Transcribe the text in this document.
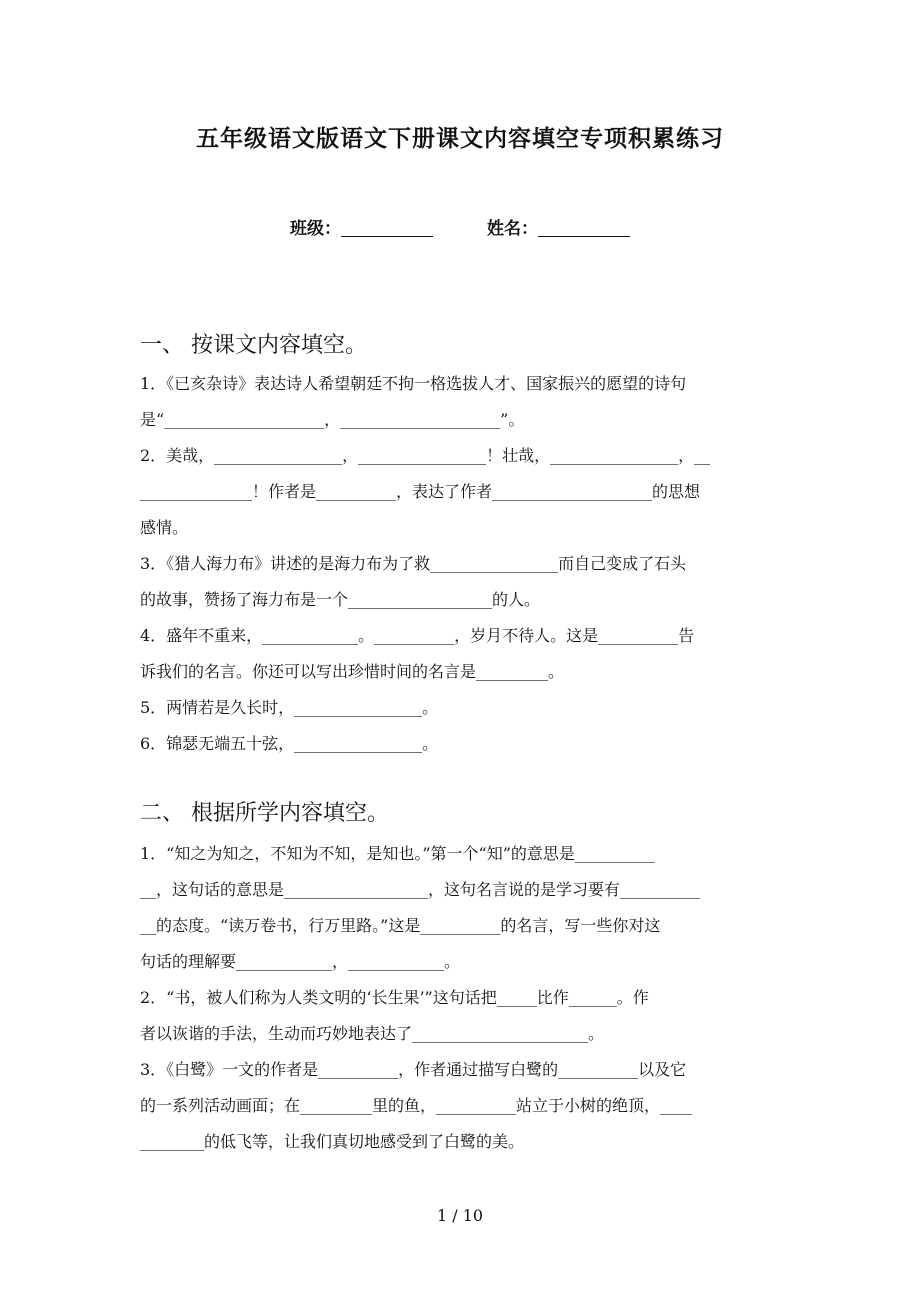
五年级语文版语文下册课文内容填空专项积累练习
班级：	姓名：
一、 按课文内容填空。
1．《已亥杂诗》表达诗人希望朝廷不拘一格选拔人才、国家振兴的愿望的诗句
是“____________________，____________________”。
2．美哉，________________，________________！壮哉，________________，__
______________！作者是__________，表达了作者____________________的思想
感情。
3．《猎人海力布》讲述的是海力布为了救________________而自己变成了石头
的故事，赞扬了海力布是一个__________________的人。
4．盛年不重来，____________。__________，岁月不待人。这是__________告
诉我们的名言。你还可以写出珍惜时间的名言是_________。
5．两情若是久长时，________________。
6．锦瑟无端五十弦，________________。
二、 根据所学内容填空。
1．“知之为知之，不知为不知，是知也。”第一个“知”的意思是__________
__，这句话的意思是__________________，这句名言说的是学习要有__________
__的态度。“读万卷书，行万里路。”这是__________的名言，写一些你对这
句话的理解要____________，____________。
2．“书，被人们称为人类文明的‘长生果’”这句话把_____比作______。作
者以诙谐的手法，生动而巧妙地表达了______________________。
3．《白鹭》一文的作者是__________，作者通过描写白鹭的__________以及它
的一系列活动画面；在_________里的鱼，__________站立于小树的绝顶，____
________的低飞等，让我们真切地感受到了白鹭的美。
1 / 10
